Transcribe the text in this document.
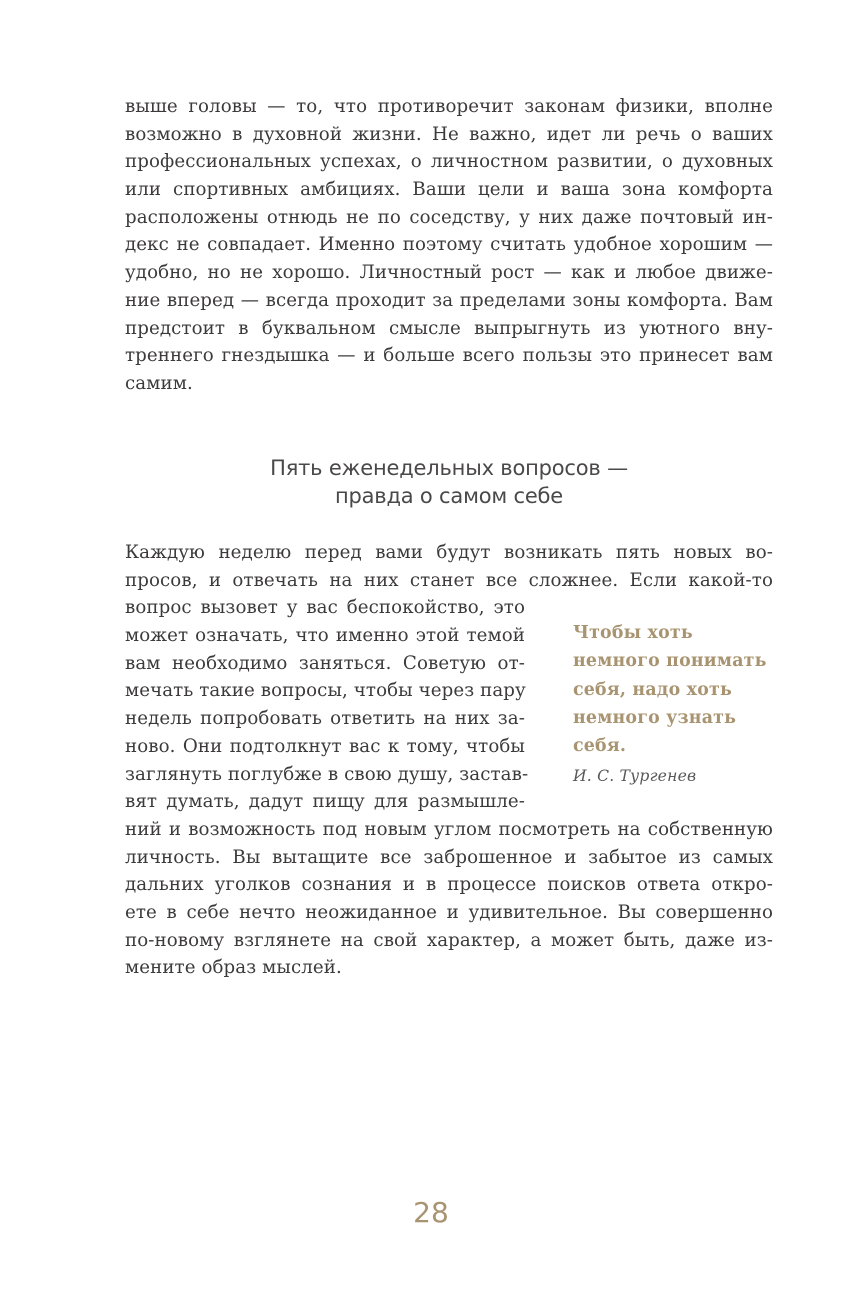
выше головы — то, что противоречит законам физики, вполне
возможно в духовной жизни. Не важно, идет ли речь о ваших
профессиональных успехах, о личностном развитии, о духовных
или спортивных амбициях. Ваши цели и ваша зона комфорта
расположены отнюдь не по соседству, у них даже почтовый ин-
декс не совпадает. Именно поэтому считать удобное хорошим —
удобно, но не хорошо. Личностный рост — как и любое движе-
ние вперед — всегда проходит за пределами зоны комфорта. Вам
предстоит в буквальном смысле выпрыгнуть из уютного вну-
треннего гнездышка — и больше всего пользы это принесет вам
самим.
Пять еженедельных вопросов —
правда о самом себе
Каждую неделю перед вами будут возникать пять новых во-
просов, и отвечать на них станет все сложнее. Если какой-то
вопрос вызовет у вас беспокойство, это
может означать, что именно этой темой
вам необходимо заняться. Советую от-
мечать такие вопросы, чтобы через пару
недель попробовать ответить на них за-
ново. Они подтолкнут вас к тому, чтобы
заглянуть поглубже в свою душу, застав-
вят думать, дадут пищу для размышле-
ний и возможность под новым углом посмотреть на собственную
личность. Вы вытащите все заброшенное и забытое из самых
дальних уголков сознания и в процессе поисков ответа откро-
ете в себе нечто неожиданное и удивительное. Вы совершенно
по-новому взглянете на свой характер, а может быть, даже из-
мените образ мыслей.
Чтобы хоть
немного понимать
себя, надо хоть
немного узнать
себя.
И. С. Тургенев
28
